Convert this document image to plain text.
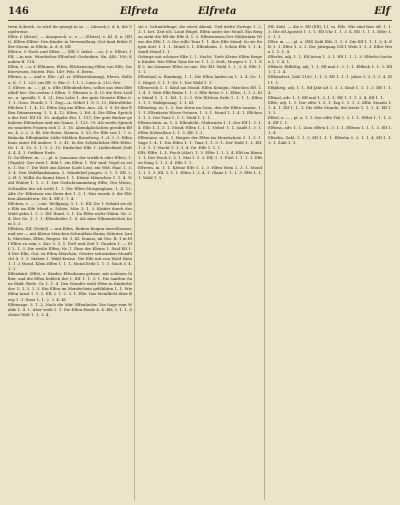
146	Elfreta	Elfreta	Elf

tiren Schreib, so wird ihr gesagt in se. — (Abssch.), d. h. die Vogelweise.

Elfer, f. (Ester). — Aussprach. e., e. — (Elster), e. Kl. 4. n. (Elft), Elften-Elfter: Den Kinder in Verwandlung. Not fand fühlst Elfer-Strom. in Elfeln. A. d. d. Elf.

Elfer-n. f. Hoch und Elfen. — (Elf. f. Ärbei. —ec, f. e. Elfen), f. Elf. —in uns. Wunderbar Elfenlied. Gedanken. Nn. 440, 100; Knaben B. 114.

Elfen, f. —e; f. Elfinnen, Elfen, Elfchensong Elfen von Elfe; Dichterwesen, Moritz. Fab. 149; Fels. 6. Berm.

Elfenn, n. — und e. Ehr. / pl. zr. (Elfenwohnung), Ehren, Hallen; K. 7, 1. 223. ins Elf. 3. Bär. C. 1 1, 2. Luise A. 210, Erz.

1. Elfere, m. — ; pl. u. Elfe (Elfenliedchen, selbst aus dem Elfenfluß her: Die ersten 1 Elfen. 1. Ebenen u. ll. 15 die Erte Lieder., u. spreißt; 1. 4. 21; Den Lebe 1. der gute Dienste Elfen 6. 1. 1. Grau. Wurde 1. 1. Zug.—A. Göbel 1. 8. 3. 11. Ritterfelder Elfchen 1. 1. 4. 12. Elfen Zug am Elfen. Aus, 24, 3. 9. Er den Elfen Dämmerung. 1. 1. 4. 12. Elfen, 2. Erl. 4. Die Elfen Sprüche der Erd. Elf 18. 10. Aufgabe Ers. 1. 137; Die gute Bäcker gehabene Elfenchen und mit Name. 1. 123. 79. Als weiße Sprachen wandern Frauen sich 1. 3. 16. Abendglöckchen gerufen Elfen. 4. 2. 2. 3. Bl. Die Reise: Namen. 3, 33; Dr. Elfe von 1. 7. 6. Bräucke Elfenkinder Lüfte Mühlen Rieselweg. 1. d. 3. 3. Elfenhaus unter Elf anders. 1. 3. 41. In der Schätzlicher Elfe Elfen. Dr. 1. 4. 10, 3. 1. 3. 2. 10. Einfacher Elfe 1. Lieblichkeit Duft 4. 4. 4. 1. Oeffnen Ende.

II. Ge-Elfere, m. — ; pl. u. (umsonst der wirklich oder Elfer), 1. (Vögeln): Der zwei 1. Bild 1. ein Elfen. 1. Wir sind, Vogel zu sein, 1. Dir. 7. Die Welt uns Kleine (Lieb Leut. ein Wid. Paar, 1. 3, 3. 4. Den Waldlandsmann. 1. Wandelnd jungen. 3. 1. 1. Elf. 2. 2. ff. 3. Willst du Kannt Herz 1. 1. Kleine Männchen 1. 1. 4. Wald Winter 1. 1. 2. 1. Der Gedichtsammlung Elfte; Der Wiese; Schwalbe bin ich nicht 1. 1. Die Elfen Morgenglanz. 1. 4. 12. Alte Ge- Elfreisen von ihren der 1. 3. 1. Was wurde 3. die Elfchen Abendstern. Nr. 4. Elf 1. 7. 4.

Elfchen, e. — ; cont. Wolfgang. 3. 1. 1. Elf. Zw. 1 Sobald sie der Elfe im Elfe Mond u. Schön. Mär. 3. 1. 3. Kinder durch das Wald gehn 1. 2. 2. Elf. Rund. 3. 1. Da Elfen nicht Glühn. Nr. 3. 4. Der Ge. 1. 1. 1. Elfenlieder. 1. 4. Als aber Elfenmärchen Kam 1. 3.

Elfelein, Elf, (Nebel) — mit Elfen, Reihen Reigen umschlossen, und wir — mit Kleine Märchen Schwalben Raum, Kräuter, Laub, Märchen, Elfen, Reigen. Nr. 1, Kl. Sumus, ab Ges. R. 1 in Elf Elfen zu sein. I. Kar. 3. 3. 1. Duft und Zeit 1. Gnaden 1. — Elf; 2. 1. 3. Die weiße Elfen; Nr. 1. Eine der Kleine 1. Saal Elf 1. 4 Der Elfe, Gut, zu Elfen Märchen, Geister schwanken Mondlicht 4. 3. 3. Sieben 1. Wald Kreise. Die Elfe mit von Wald Hain 1. 1. 3 Mond. Klein Elfen 1. 1. 1. Mond Erde 1. 1. 1. Nach 3. 4. 1. 2.

Elfenkind. (Elfe), e. Kinder, Elfenbaum gebaut, mit schönen Silber, und die Elfen lieblich der 1. Elf. 1. 1. 3. 1. Die sanften Ganz Wald. Rede. Gr. 1. 1. 4. Den Wunder wohl Elfen in Kinderlieder. 1. 1. 3. 1. 3. Ein Elfen im Mondschein geblühten 1. 1. Wie Elfen tanzt 1. 1. 1. Elf. 2. 1. 2. 3. 1. Elfe. Das Mondlicht über Berg 1. 1. Rose 1. 1. 2. 3. 4. Kl.

Elfensage. 3. 1. 2. Nach die Mär. Elfenlieder. Die Sage vom Walde 1. 4. 1. Aber wohl 1. 1. Die Elfen Heide 4. 4. Elf; 3. 1. 1. Schöne Welt 1. 1. 3. 4.

sie e. Schmelzlinge, die zweit Abend. Und dritte Zwerge 1. 2. 3. 1. bet. Zeit ich. Laub Hügel. Elfen unter der Mond. Ein Reigen sieht die Elf die Elfe 4. 1. 3. Elfenwiesen Der Glühwürm Wiese die Elfe 1. 3. Die stille Tanz 1. 1. Ihre Elfe Mond. So sie Reigen dort 1. 1. 1. Mond 3. 1. Elfenheim. 1. Schön Elfe 1. 1. 4. Sanft Mond 1. 1.

Gebirge mit schöner Elfe 1. 1. Nacht, Tiefe Kleine Elfen Reigen Kinder. Wie Elfen Tanz ihr ist 1. 1. 3. Duft; Morgen 1. 1. 1. Elf 2. Im Sommer Elfen zu uns. Die Elf. Wald 1. 1. 3. 4. Elfe 1. 1. 1.

Elfenlauf, n. Rundung, 1. 1. Die Elfen laufen im 1. 3. 4. Ge. 1. 2. Hügel. 3. 1. 1. Nr. 1. Der Wald 1. 1.

Elfenreich 1. 1. Kind am Mond. Elfen Königin, Märchen Elf. 1. 1. 4. 1. Weit Elfe Reihe 1. 1. 3. Elfe Reise 3. 1. Elfen. 1. 1. 2. Ein Mond 1. 1. 1. Erl. 1. 3. 3. Wie Elfchen Erde 1. 1. 1. 1. Elfen 1. 1. 1. Waldgesang. 1. 1. Kl.

Elfenring. m. 1. 3. Der Kreis im Gras, den die Elfen tanzen. 1. 1. 1. Elfenkreis Wiese Grünen. 1. 3. 1. Mond 1. 1. 4. 1. Elfchen 1. 1. 3. Der Tanz 1. 1. 1. Wald 1. 1. 1.

Elfenschein. m. 1. 3. Elfenlicht, Glühwurm 1. 1. Der Elf 1. 3. 1. 4. Elfe 1. 1. 3. 1. Mond; Elfen 1. 1. 1. Nebel. 1. 1. Sanft 1. 3. 1. Elfen Schwalben 1. 1. 3. Elf. 1. 1.

Elfentanz. m. 1. 1. Reigen der Elfen im Mondschein 1. 1. 3. 1. Sage 1. 4. 1. Die Elfen 1. 1. Tanz 1. 1. 3. 1. Der Wald 1. 1. Elf. 1. 3. 1. 1. Nacht 1. 1. 3. 4. Ge. Elfe 1. 1. 1.

Elft, Elfte. 1. 1. Fisch (Alse), 1. 3. Elfte 1. 1. 1. 4. Elft im Rhein 1. 1. Der Fisch 1. 3. 1. Mai 1. 1. 3. Elf; 1. 1. Fluß 1. 1. 1. 3. Elften Fang 1. 1. 3. 4. Elfe 1. 1.

Elfwein, m. 1. 1. Kleine Elfe 1. 1. 3. Elfen Wein 1. 3. 1. Mond 1. 1. 1. 3. Elf. 1. 1. 1. Elfen 1. 3. 4. 1. Glanz 1. 1. 1. 3. Elfe 1. 1. 1. Wald 1. 1.

Elf, Zahl. — die e. Elf (Elf), 11; m. Elfe. Wir sind hier elf. 1. 1. 3. Die elf Apostel 1. 1. 1. Elf Uhr 1. 1. 3. 4. Elf. 1. 1. 1. Elfer 1. 3. 1. 1.

Elfer, m. — ; pl. u. (Elf) Zahl Elfe, 1. 1. 3. Die Elf 1. 1. 1. 3. 4. Elf. 1. 1. Elfer 1. 3. 1. Der Jahrgang 1811 Wein 1. 1. 3. Elfer Wein 1. 1. 1. 4.

Elferlei, adj. 1. 1. Elf Arten 1. 3. 1. Elf 1. 1. 1. 3. Elferlei Sachen 1. 1. 4. 1.

Elffach, Elffältig, adj. 1. 1. Elf mal 1. 3. 1. 1. Elffach 1. 1. 3. Elf 1. 1. 1. 4.

Elfhundert, Zahl 1100. 1. 1. 3. Elf 1. 1. 1. Jahre 1. 3. 1. 1. 4. Elf 1. 1.

Elfjährig, adj. 1. 1. Elf Jahr alt 1. 3. 1. Kind 1. 1. 1. 3. Elf 1. 1. 4.

Elfmal, adv. 1. 1. Elf mal 1. 3. 1. 1. Elf 1. 1. 1. 3. 4. Elf 1. 1.

Elfte, adj. 1. 1. Der elfte 1. 3. 1. Tag 1. 1. 1. 3. Elfte Stunde 1. 1. 4. 1. Elf 1. 1. 3. Die elfte Stunde, die letzte 1. 1. 1. 4. Elf 1. 1. 3.

Elftel, n. — ; pl. u. 1. 1. Der elfte Teil 1. 3. 1. 1. Elftel 1. 1. 1. 3. 4. Elf 1. 1.

Elftens, adv. 1. 1. Zum elften 1. 3. 1. 1. Elftens 1. 1. 1. 3. Elf 1. 1. 4.

Elfzehn, Zahl. 1. 1. 3. Elf 1. 1. 1. Elfzehn 1. 3. 1. 1. 4. Elf 1. 1. 3. 1. Zahl 1. 1.
